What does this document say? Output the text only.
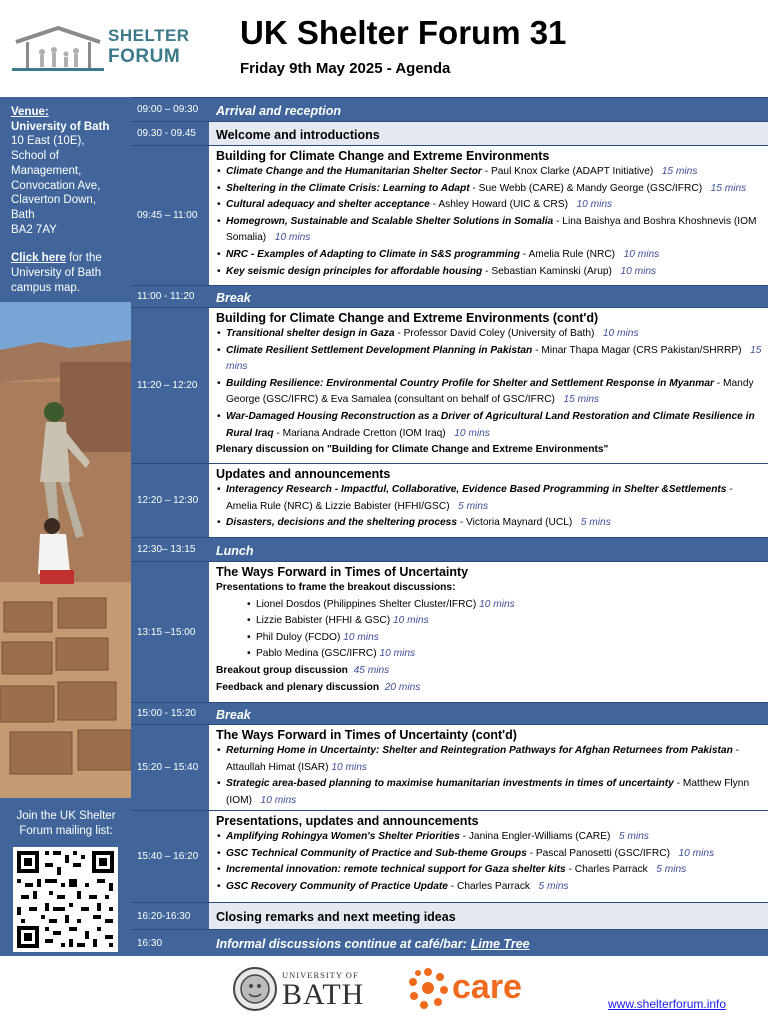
SHELTER
FORUM
UK Shelter Forum 31
Friday 9th May 2025 - Agenda
Venue:
University of Bath
10 East (10E),
School of
Management,
Convocation Ave,
Claverton Down,
Bath
BA2 7AY
Click here for the University of Bath campus map.
Join the UK Shelter Forum mailing list:
09:00 – 09:30	Arrival and reception
09.30 - 09.45	Welcome and introductions
09:45 – 11:00
Building for Climate Change and Extreme Environments
• Climate Change and the Humanitarian Shelter Sector - Paul Knox Clarke (ADAPT Initiative) 15 mins
• Sheltering in the Climate Crisis: Learning to Adapt - Sue Webb (CARE) & Mandy George (GSC/IFRC) 15 mins
• Cultural adequacy and shelter acceptance - Ashley Howard (UIC & CRS) 10 mins
• Homegrown, Sustainable and Scalable Shelter Solutions in Somalia - Lina Baishya and Boshra Khoshnevis (IOM Somalia) 10 mins
• NRC - Examples of Adapting to Climate in S&S programming - Amelia Rule (NRC) 10 mins
• Key seismic design principles for affordable housing - Sebastian Kaminski (Arup) 10 mins
11:00 - 11:20	Break
11:20 – 12:20
Building for Climate Change and Extreme Environments (cont'd)
• Transitional shelter design in Gaza - Professor David Coley (University of Bath) 10 mins
• Climate Resilient Settlement Development Planning in Pakistan - Minar Thapa Magar (CRS Pakistan/SHRRP) 15 mins
• Building Resilience: Environmental Country Profile for Shelter and Settlement Response in Myanmar - Mandy George (GSC/IFRC) & Eva Samalea (consultant on behalf of GSC/IFRC) 15 mins
• War-Damaged Housing Reconstruction as a Driver of Agricultural Land Restoration and Climate Resilience in Rural Iraq - Mariana Andrade Cretton (IOM Iraq) 10 mins
Plenary discussion on "Building for Climate Change and Extreme Environments"
12:20 – 12:30
Updates and announcements
• Interagency Research - Impactful, Collaborative, Evidence Based Programming in Shelter &Settlements - Amelia Rule (NRC) & Lizzie Babister (HFHI/GSC) 5 mins
• Disasters, decisions and the sheltering process - Victoria Maynard (UCL) 5 mins
12:30– 13:15	Lunch
13:15 –15:00
The Ways Forward in Times of Uncertainty
Presentations to frame the breakout discussions:
• Lionel Dosdos (Philippines Shelter Cluster/IFRC) 10 mins
• Lizzie Babister (HFHI & GSC) 10 mins
• Phil Duloy (FCDO) 10 mins
• Pablo Medina (GSC/IFRC) 10 mins
Breakout group discussion 45 mins
Feedback and plenary discussion 20 mins
15:00 - 15:20	Break
15:20 – 15:40
The Ways Forward in Times of Uncertainty (cont'd)
• Returning Home in Uncertainty: Shelter and Reintegration Pathways for Afghan Returnees from Pakistan - Attaullah Himat (ISAR) 10 mins
• Strategic area-based planning to maximise humanitarian investments in times of uncertainty - Matthew Flynn (IOM) 10 mins
15:40 – 16:20
Presentations, updates and announcements
• Amplifying Rohingya Women's Shelter Priorities - Janina Engler-Williams (CARE) 5 mins
• GSC Technical Community of Practice and Sub-theme Groups - Pascal Panosetti (GSC/IFRC) 10 mins
• Incremental innovation: remote technical support for Gaza shelter kits - Charles Parrack 5 mins
• GSC Recovery Community of Practice Update - Charles Parrack 5 mins
16:20-16:30	Closing remarks and next meeting ideas
16:30	Informal discussions continue at café/bar: Lime Tree
UNIVERSITY OF
BATH	care	www.shelterforum.info
